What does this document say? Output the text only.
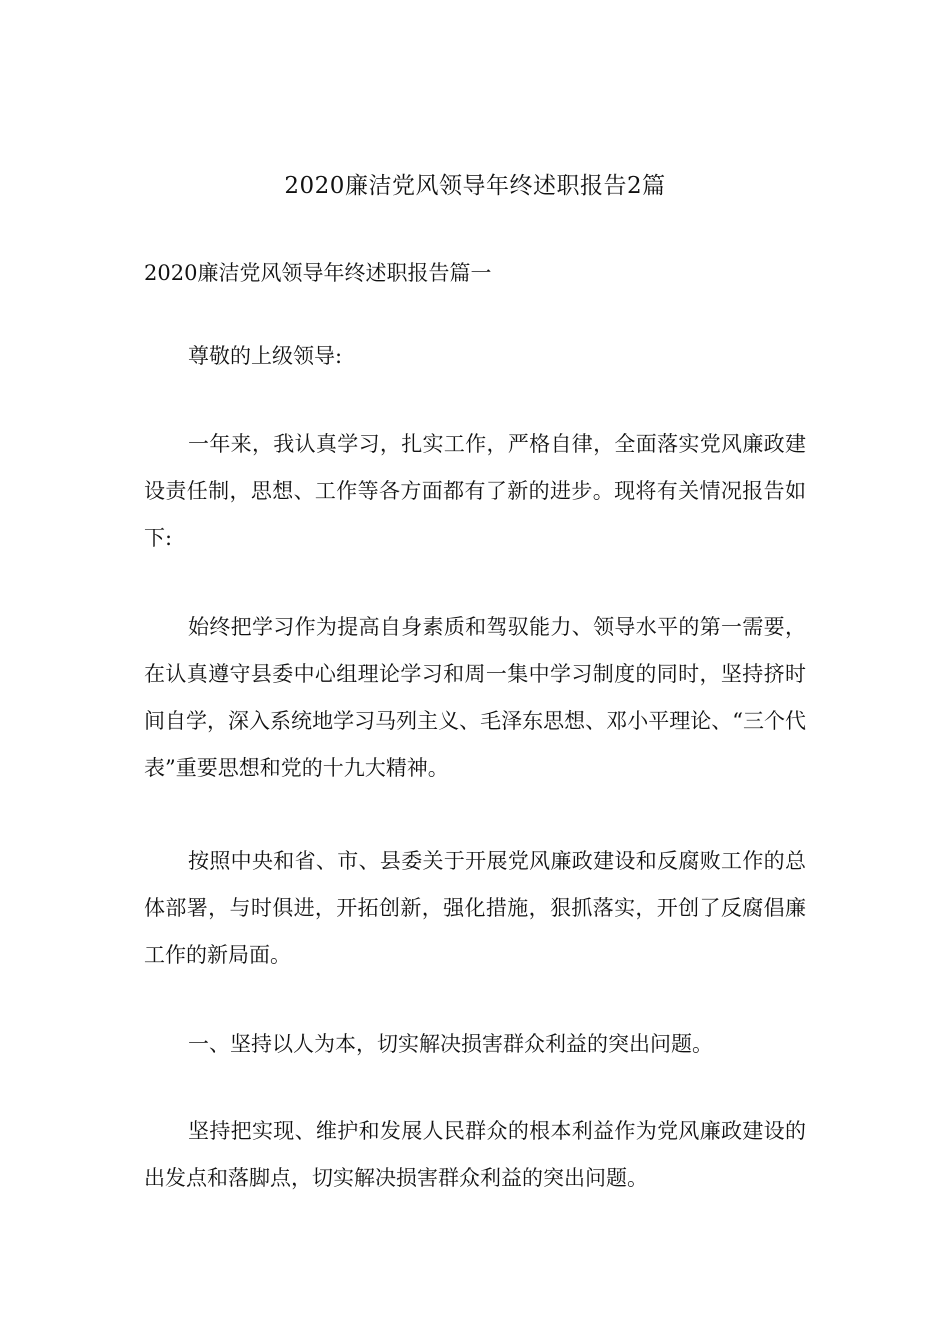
2020廉洁党风领导年终述职报告2篇
2020廉洁党风领导年终述职报告篇一

尊敬的上级领导:

一年来，我认真学习，扎实工作，严格自律，全面落实党风廉政建设责任制，思想、工作等各方面都有了新的进步。现将有关情况报告如下:

始终把学习作为提高自身素质和驾驭能力、领导水平的第一需要，在认真遵守县委中心组理论学习和周一集中学习制度的同时，坚持挤时间自学，深入系统地学习马列主义、毛泽东思想、邓小平理论、“三个代表”重要思想和党的十九大精神。

按照中央和省、市、县委关于开展党风廉政建设和反腐败工作的总体部署，与时俱进，开拓创新，强化措施，狠抓落实，开创了反腐倡廉工作的新局面。

一、坚持以人为本，切实解决损害群众利益的突出问题。

坚持把实现、维护和发展人民群众的根本利益作为党风廉政建设的出发点和落脚点，切实解决损害群众利益的突出问题。
